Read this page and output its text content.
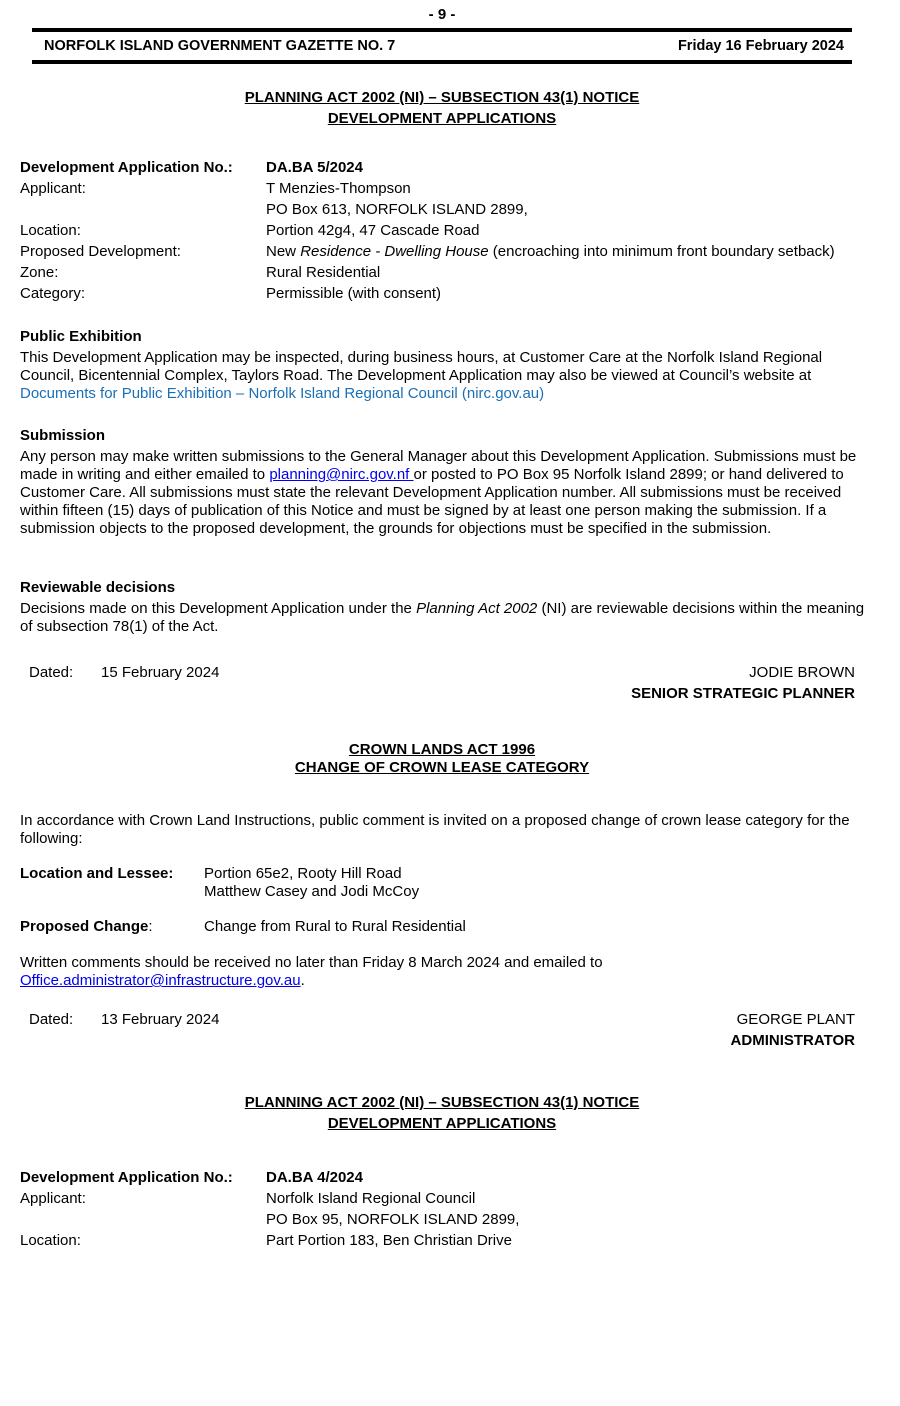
- 9 -
NORFOLK ISLAND GOVERNMENT GAZETTE NO. 7	Friday 16 February 2024
PLANNING ACT 2002 (NI) – SUBSECTION 43(1) NOTICE
DEVELOPMENT APPLICATIONS
Development Application No.: DA.BA 5/2024
Applicant:	T Menzies-Thompson
PO Box 613, NORFOLK ISLAND 2899,
Location:	Portion 42g4, 47 Cascade Road
Proposed Development:	New Residence - Dwelling House (encroaching into minimum front boundary setback)
Zone:	Rural Residential
Category:	Permissible (with consent)
Public Exhibition
This Development Application may be inspected, during business hours, at Customer Care at the Norfolk Island Regional Council, Bicentennial Complex, Taylors Road. The Development Application may also be viewed at Council’s website at
Documents for Public Exhibition – Norfolk Island Regional Council (nirc.gov.au)
Submission
Any person may make written submissions to the General Manager about this Development Application. Submissions must be made in writing and either emailed to planning@nirc.gov.nf or posted to PO Box 95 Norfolk Island 2899; or hand delivered to Customer Care. All submissions must state the relevant Development Application number. All submissions must be received within fifteen (15) days of publication of this Notice and must be signed by at least one person making the submission. If a submission objects to the proposed development, the grounds for objections must be specified in the submission.
Reviewable decisions
Decisions made on this Development Application under the Planning Act 2002 (NI) are reviewable decisions within the meaning of subsection 78(1) of the Act.
Dated: 15 February 2024	JODIE BROWN
SENIOR STRATEGIC PLANNER
CROWN LANDS ACT 1996
CHANGE OF CROWN LEASE CATEGORY
In accordance with Crown Land Instructions, public comment is invited on a proposed change of crown lease category for the following:
Location and Lessee: Portion 65e2, Rooty Hill Road
Matthew Casey and Jodi McCoy
Proposed Change:	Change from Rural to Rural Residential
Written comments should be received no later than Friday 8 March 2024 and emailed to
Office.administrator@infrastructure.gov.au.
Dated: 13 February 2024	GEORGE PLANT
ADMINISTRATOR
PLANNING ACT 2002 (NI) – SUBSECTION 43(1) NOTICE
DEVELOPMENT APPLICATIONS
Development Application No.: DA.BA 4/2024
Applicant:	Norfolk Island Regional Council
PO Box 95, NORFOLK ISLAND 2899,
Location:	Part Portion 183, Ben Christian Drive
